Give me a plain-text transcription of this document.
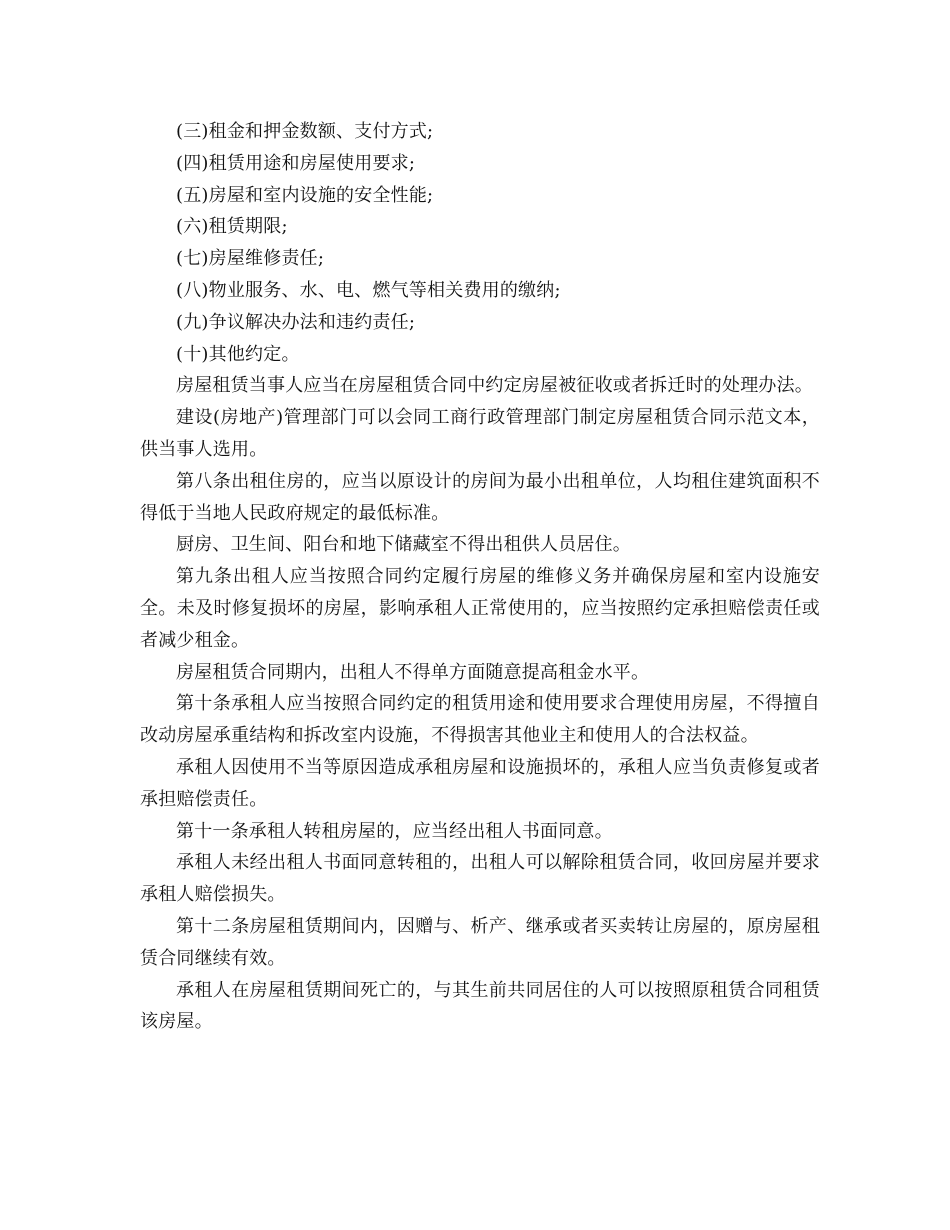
(三)租金和押金数额、支付方式;

(四)租赁用途和房屋使用要求;

(五)房屋和室内设施的安全性能;

(六)租赁期限;

(七)房屋维修责任;

(八)物业服务、水、电、燃气等相关费用的缴纳;

(九)争议解决办法和违约责任;

(十)其他约定。

房屋租赁当事人应当在房屋租赁合同中约定房屋被征收或者拆迁时的处理办法。

建设(房地产)管理部门可以会同工商行政管理部门制定房屋租赁合同示范文本，供当事人选用。

第八条出租住房的，应当以原设计的房间为最小出租单位，人均租住建筑面积不得低于当地人民政府规定的最低标准。

厨房、卫生间、阳台和地下储藏室不得出租供人员居住。

第九条出租人应当按照合同约定履行房屋的维修义务并确保房屋和室内设施安全。未及时修复损坏的房屋，影响承租人正常使用的，应当按照约定承担赔偿责任或者减少租金。

房屋租赁合同期内，出租人不得单方面随意提高租金水平。

第十条承租人应当按照合同约定的租赁用途和使用要求合理使用房屋，不得擅自改动房屋承重结构和拆改室内设施，不得损害其他业主和使用人的合法权益。

承租人因使用不当等原因造成承租房屋和设施损坏的，承租人应当负责修复或者承担赔偿责任。

第十一条承租人转租房屋的，应当经出租人书面同意。

承租人未经出租人书面同意转租的，出租人可以解除租赁合同，收回房屋并要求承租人赔偿损失。

第十二条房屋租赁期间内，因赠与、析产、继承或者买卖转让房屋的，原房屋租赁合同继续有效。

承租人在房屋租赁期间死亡的，与其生前共同居住的人可以按照原租赁合同租赁该房屋。
